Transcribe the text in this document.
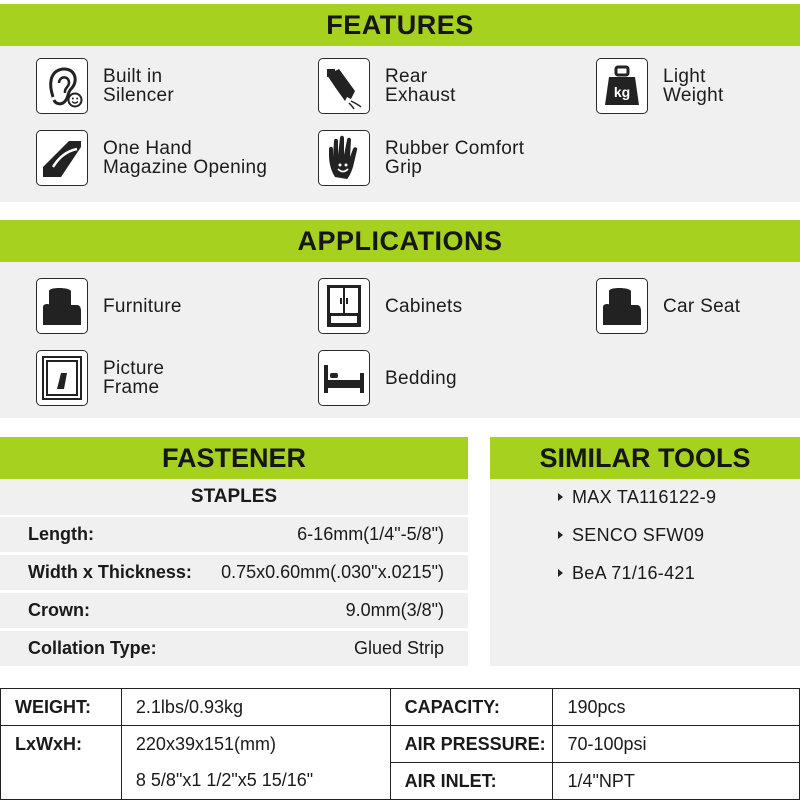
FEATURES
Built in
Silencer
Rear
Exhaust	kg
Light
Weight
One Hand
Magazine Opening
Rubber Comfort
Grip
APPLICATIONS
Furniture	Cabinets	Car Seat
Picture
Frame	Bedding
FASTENER
STAPLES
Length:	6-16mm(1/4"-5/8")
Width x Thickness: 0.75x0.60mm(.030"x.0215")
Crown:	9.0mm(3/8")
Collation Type:	Glued Strip
SIMILAR TOOLS
MAX TA116122-9
SENCO SFW09
BeA 71/16-421
WEIGHT:	2.1lbs/0.93kg	CAPACITY:	190pcs
LxWxH:	220x39x151(mm)	AIR PRESSURE:	70-100psi
	8 5/8"x1 1/2"x5 15/16"	AIR INLET:	1/4"NPT
